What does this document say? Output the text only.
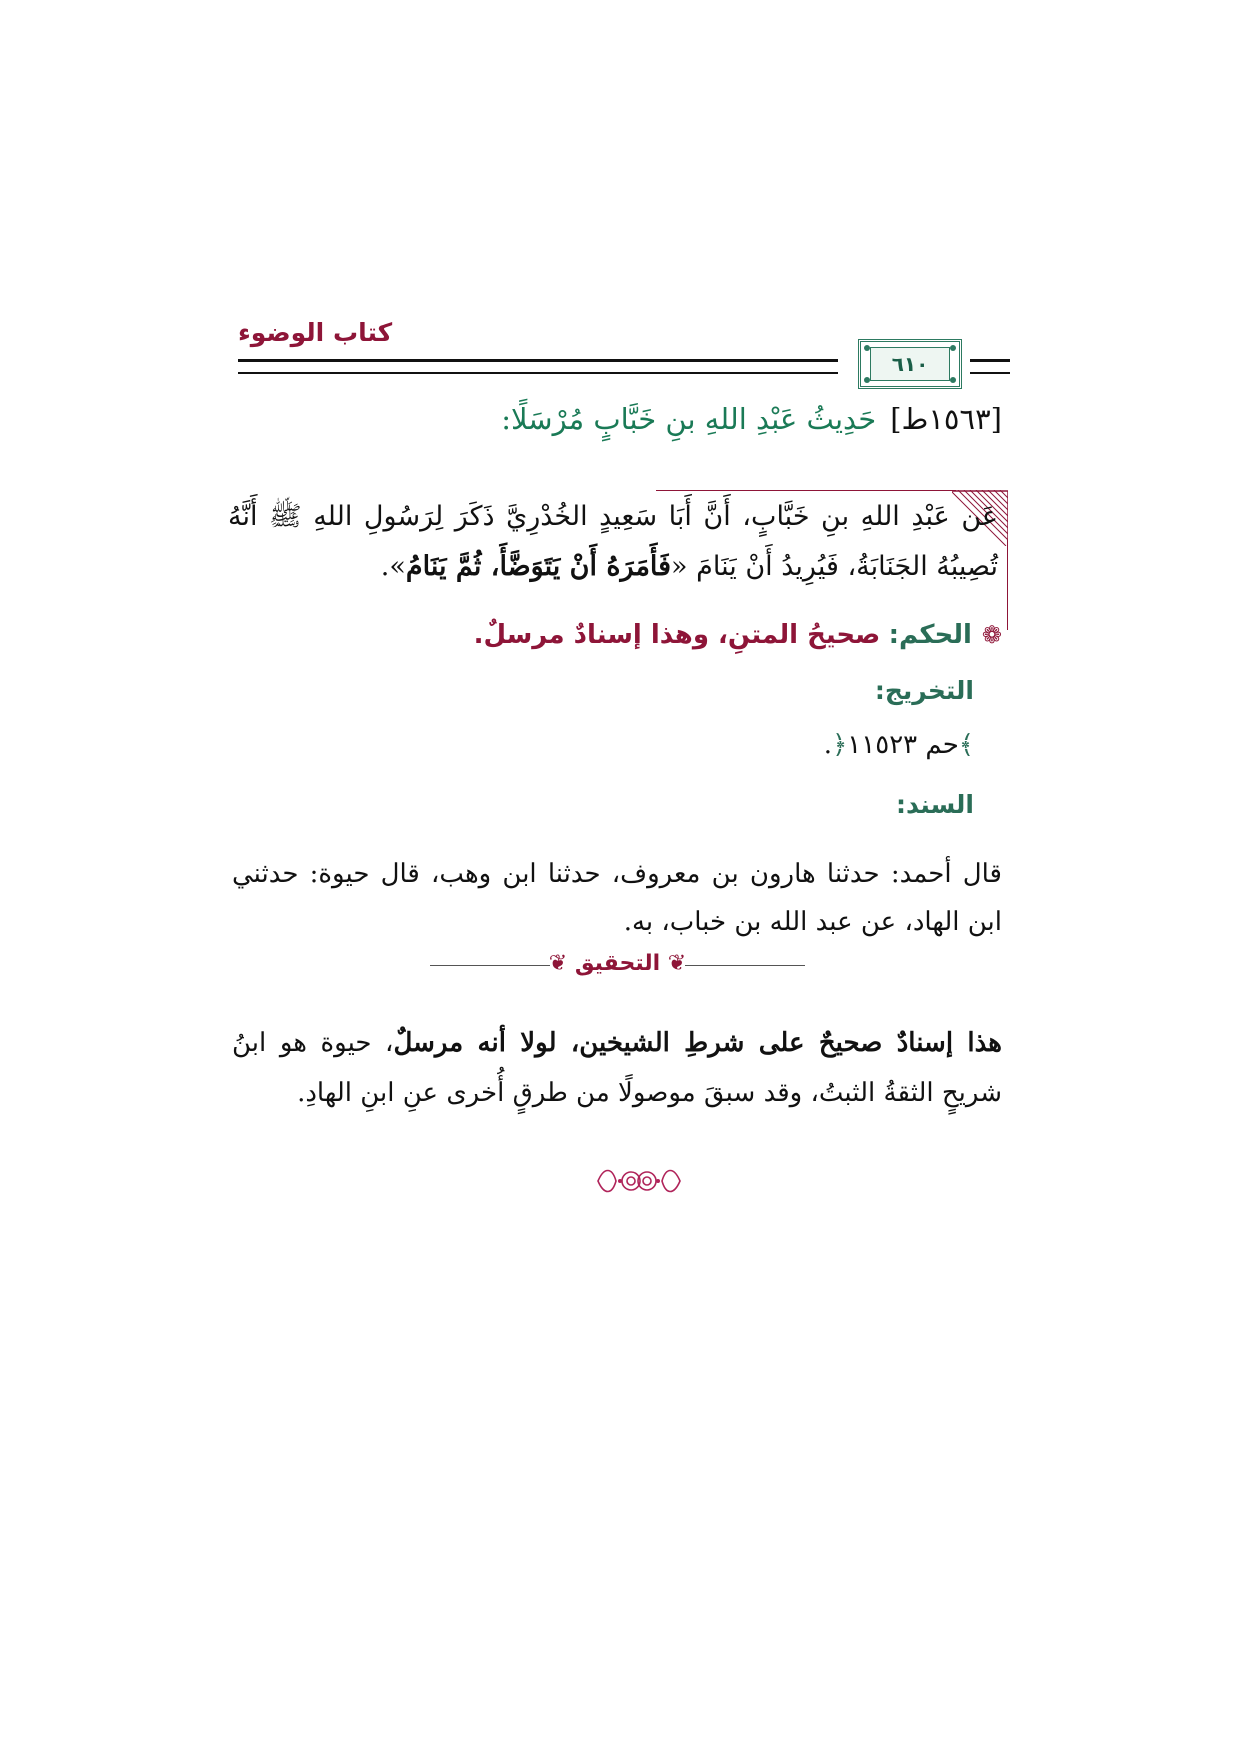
كتاب الوضوء
٦١٠
[١٥٦٣ط]حَدِيثُ عَبْدِ اللهِ بنِ خَبَّابٍ مُرْسَلًا:
عَن عَبْدِ اللهِ بنِ خَبَّابٍ، أَنَّ أَبَا سَعِيدٍ الخُدْرِيَّ ذَكَرَ لِرَسُولِ اللهِ ﷺ أَنَّهُ تُصِيبُهُ الجَنَابَةُ، فَيُرِيدُ أَنْ يَنَامَ «فَأَمَرَهُ أَنْ يَتَوَضَّأَ، ثُمَّ يَنَامُ».
❁الحكم: صحيحُ المتنِ، وهذا إسنادٌ مرسلٌ.
التخريج:
﴾حم ١١٥٢٣﴿.
السند:
قال أحمد: حدثنا هارون بن معروف، حدثنا ابن وهب، قال حيوة: حدثني ابن الهاد، عن عبد الله بن خباب، به.
❦ التحقيق ❦
هذا إسنادٌ صحيحٌ على شرطِ الشيخين، لولا أنه مرسلٌ، حيوة هو ابنُ شريحٍ الثقةُ الثبتُ، وقد سبقَ موصولًا من طرقٍ أُخرى عنِ ابنِ الهادِ.
